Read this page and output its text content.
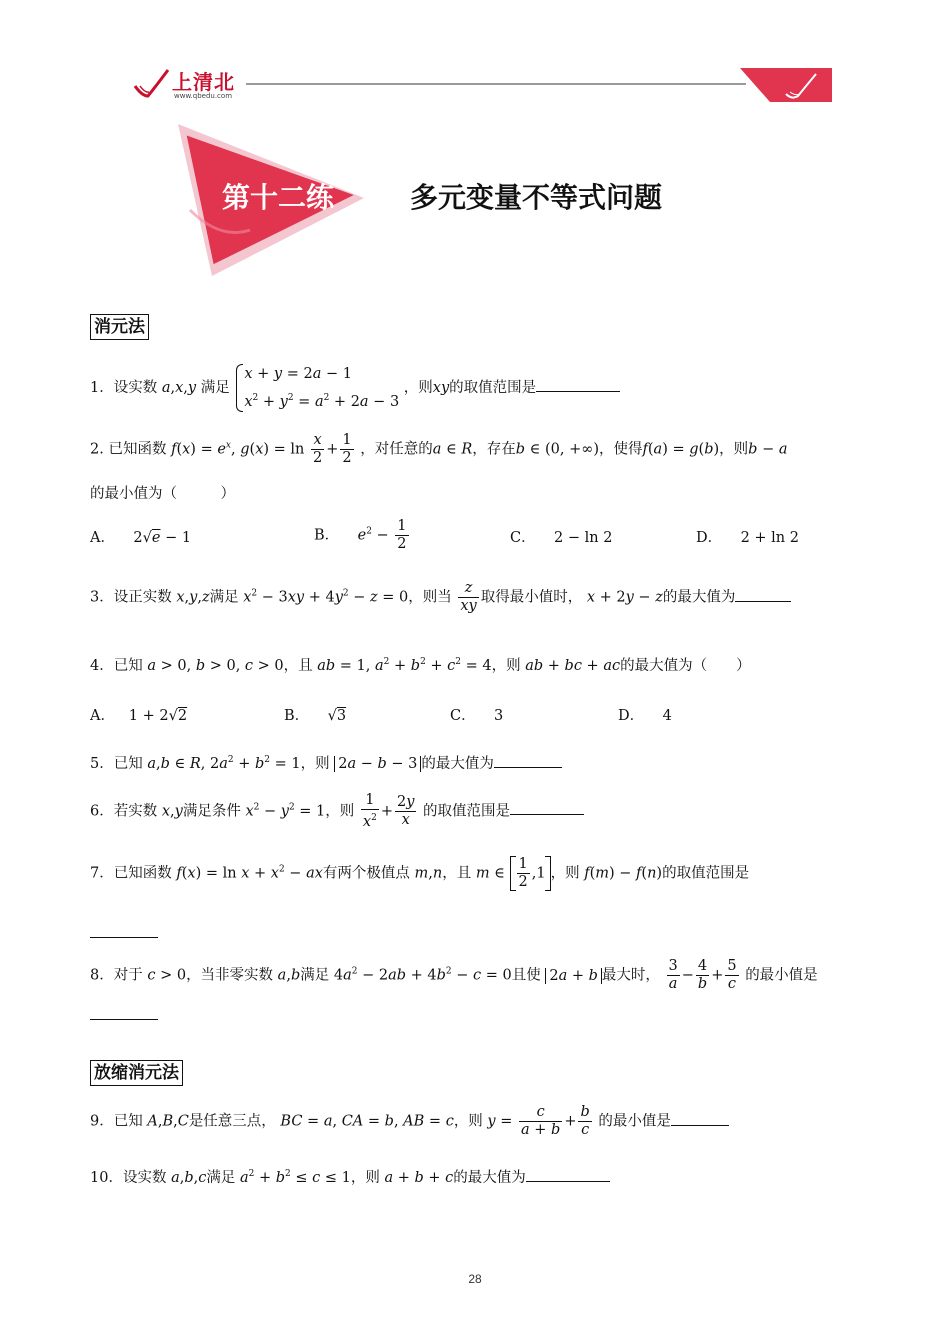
上清北
www.qbedu.com
第十二练	多元变量不等式问题
消元法
1．设实数 a,x,y 满足
x + y = 2a − 1
$x^2 + y^2 = a^2 + 2a - 3$
，则xy的取值范围是
2. 已知函数 $f(x) = e^x$, $g(x) = \ln \frac{x}{2} + \frac{1}{2}$ ，对任意的a ∈ R，存在b ∈ (0, +∞)，使得f(a) = g(b)，则b − a
的最小值为（　　　）
A．    2√e − 1	B． $e^2 - \frac{1}{2}$	C．    2 − ln 2	D．    2 + ln 2
3．设正实数 x,y,z满足 $x^2 - 3xy + 4y^2 - z = 0$，则当 $\frac{z}{xy}$ 取得最小值时， x + 2y − z的最大值为
4．已知 a > 0, b > 0, c > 0，且 ab = 1, $a^2 + b^2 + c^2 = 4$，则 ab + bc + ac的最大值为（　　）
A．   1 + 2√2	B．    √3	C． 3	D． 4
5．已知 a,b ∈ R, $2a^2 + b^2 = 1$，则 2a − b − 3 的最大值为
6．若实数 x,y满足条件 $x^2 - y^2 = 1$，则 $\frac{1}{x^2} + \frac{2y}{x}$ 的取值范围是
7．已知函数 $f(x) = \ln x + x^2$ − ax有两个极值点 m,n，且 m ∈ $\frac{1}{2} ,1$ ，则 f(m) − f(n)的取值范围是
8．对于 c > 0，当非零实数 a,b满足 $4a^2 - 2ab + 4b^2 - c = 0$且使 2a + b 最大时， $\frac{3}{a} - \frac{4}{b} + \frac{5}{c}$ 的最小值是
放缩消元法
9．已知 A,B,C是任意三点， BC = a, CA = b, AB = c，则 $y = \frac{c}{a + b} + \frac{b}{c}$ 的最小值是
10．设实数 a,b,c满足 $a^2 + b^2 \le c \le 1$，则 a + b + c的最大值为
28
